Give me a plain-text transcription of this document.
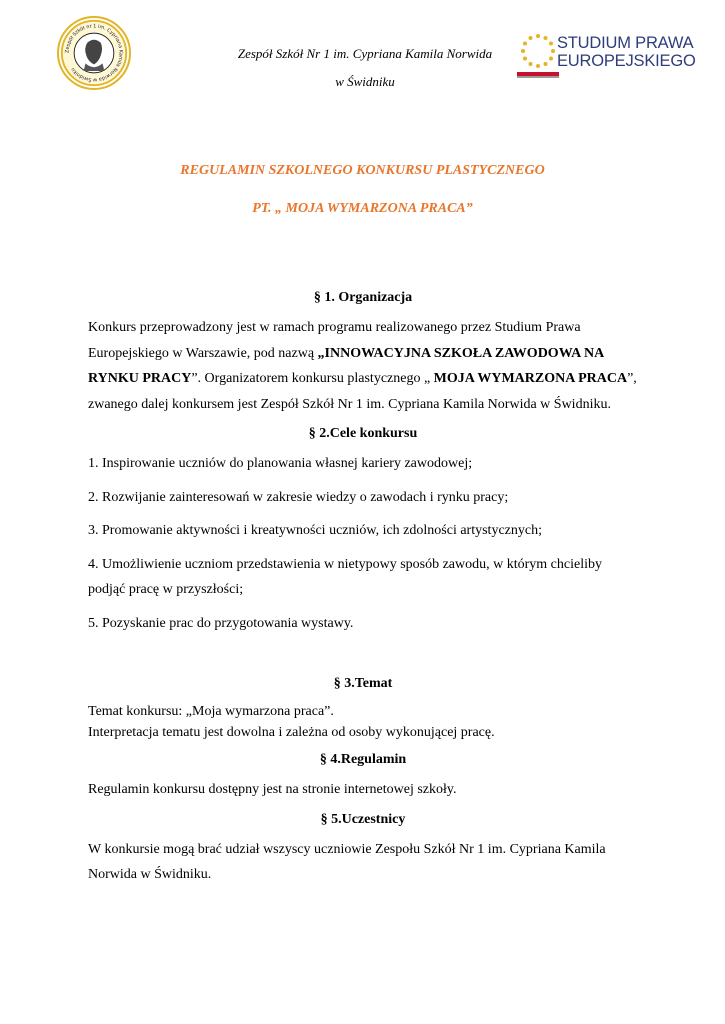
Zespół Szkół nr 1 im. Cypriana Kamila Norwida w Świdniku
Zespół Szkół Nr 1 im. Cypriana Kamila Norwida
w Świdniku
STUDIUM PRAWA
EUROPEJSKIEGO
REGULAMIN SZKOLNEGO KONKURSU PLASTYCZNEGO
PT. „ MOJA WYMARZONA PRACA”

§ 1. Organizacja

Konkurs przeprowadzony jest w ramach programu realizowanego przez Studium Prawa Europejskiego w Warszawie, pod nazwą „INNOWACYJNA SZKOŁA ZAWODOWA NA RYNKU PRACY”. Organizatorem konkursu plastycznego „ MOJA WYMARZONA PRACA”, zwanego dalej konkursem jest Zespół Szkół Nr 1 im. Cypriana Kamila Norwida w Świdniku.

§ 2.Cele konkursu

1. Inspirowanie uczniów do planowania własnej kariery zawodowej;

2. Rozwijanie zainteresowań w zakresie wiedzy o zawodach i rynku pracy;

3. Promowanie aktywności i kreatywności uczniów, ich zdolności artystycznych;

4. Umożliwienie uczniom przedstawienia w nietypowy sposób zawodu, w którym chcieliby podjąć pracę w przyszłości;

5. Pozyskanie prac do przygotowania wystawy.

§ 3.Temat

Temat konkursu: „Moja wymarzona praca”.

Interpretacja tematu jest dowolna i zależna od osoby wykonującej pracę.

§ 4.Regulamin

Regulamin konkursu dostępny jest na stronie internetowej szkoły.

§ 5.Uczestnicy

W konkursie mogą brać udział wszyscy uczniowie Zespołu Szkół Nr 1 im. Cypriana Kamila Norwida w Świdniku.
